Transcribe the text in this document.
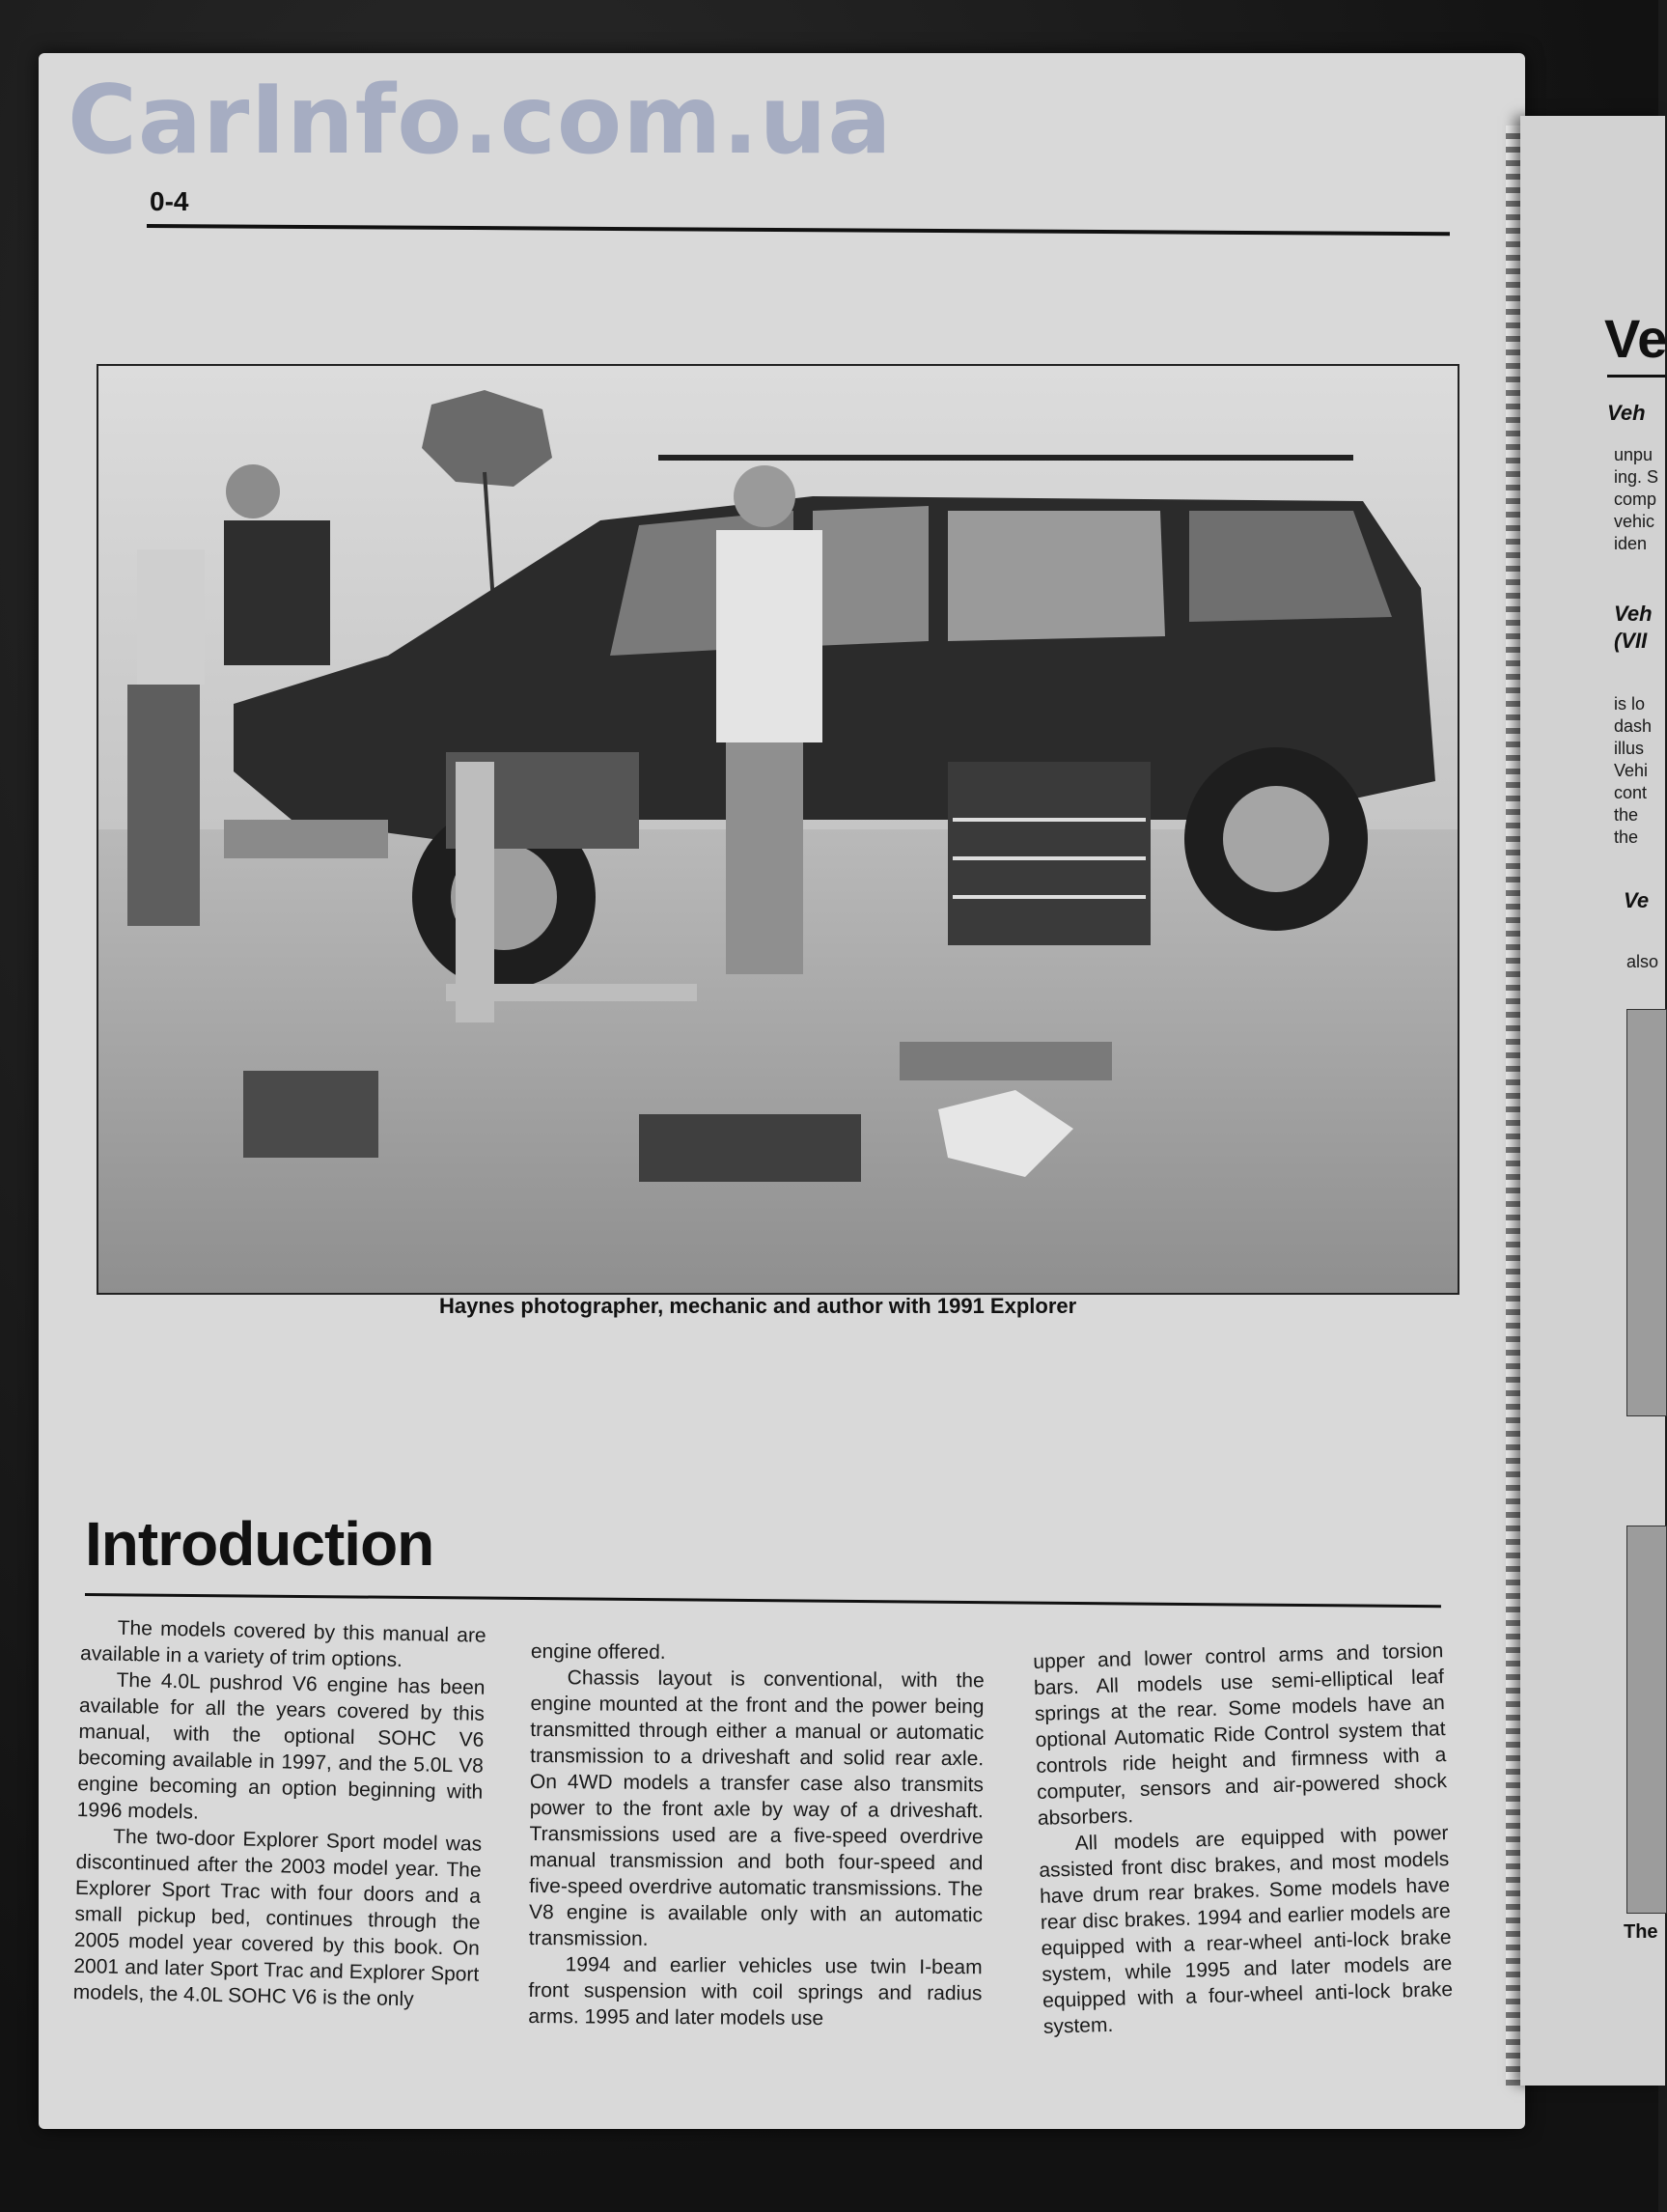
CarInfo.com.ua
0-4
Haynes photographer, mechanic and author with 1991 Explorer
Introduction

The models covered by this manual are available in a variety of trim options.

The 4.0L pushrod V6 engine has been available for all the years covered by this manual, with the optional SOHC V6 becoming available in 1997, and the 5.0L V8 engine becoming an option beginning with 1996 models.

The two-door Explorer Sport model was discontinued after the 2003 model year. The Explorer Sport Trac with four doors and a small pickup bed, continues through the 2005 model year covered by this book. On 2001 and later Sport Trac and Explorer Sport models, the 4.0L SOHC V6 is the only

engine offered.

Chassis layout is conventional, with the engine mounted at the front and the power being transmitted through either a manual or automatic transmission to a driveshaft and solid rear axle. On 4WD models a transfer case also transmits power to the front axle by way of a driveshaft. Transmissions used are a five-speed overdrive manual transmission and both four-speed and five-speed overdrive automatic transmissions. The V8 engine is available only with an automatic transmission.

1994 and earlier vehicles use twin I-beam front suspension with coil springs and radius arms. 1995 and later models use

upper and lower control arms and torsion bars. All models use semi-elliptical leaf springs at the rear. Some models have an optional Automatic Ride Control system that controls ride height and firmness with a computer, sensors and air-powered shock absorbers.

All models are equipped with power assisted front disc brakes, and most models have drum rear brakes. Some models have rear disc brakes. 1994 and earlier models are equipped with a rear-wheel anti-lock brake system, while 1995 and later models are equipped with a four-wheel anti-lock brake system.

Ve
Veh
unpu
ing. S
comp
vehic
iden
Veh
(VII
is lo
dash
illus
Vehi
cont
the
the
Ve
also
The
